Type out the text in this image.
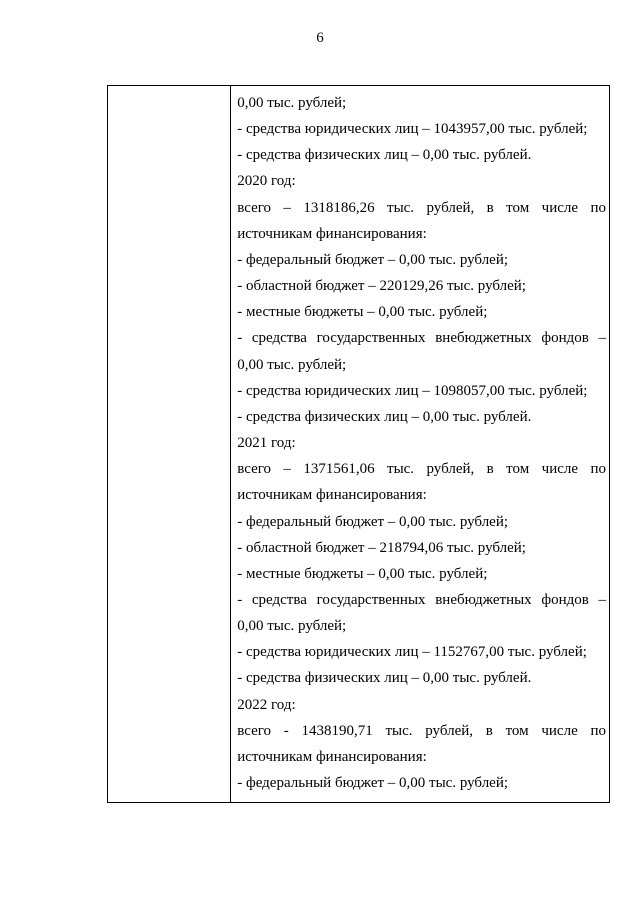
6

0,00 тыс. рублей;
- средства юридических лиц – 1043957,00 тыс. рублей;
- средства физических лиц – 0,00 тыс. рублей.
2020 год:
всего – 1318186,26 тыс. рублей, в том числе по
источникам финансирования:
- федеральный бюджет – 0,00 тыс. рублей;
- областной бюджет – 220129,26 тыс. рублей;
- местные бюджеты – 0,00 тыс. рублей;
- средства государственных внебюджетных фондов –
0,00 тыс. рублей;
- средства юридических лиц – 1098057,00 тыс. рублей;
- средства физических лиц – 0,00 тыс. рублей.
2021 год:
всего – 1371561,06 тыс. рублей, в том числе по
источникам финансирования:
- федеральный бюджет – 0,00 тыс. рублей;
- областной бюджет – 218794,06 тыс. рублей;
- местные бюджеты – 0,00 тыс. рублей;
- средства государственных внебюджетных фондов –
0,00 тыс. рублей;
- средства юридических лиц – 1152767,00 тыс. рублей;
- средства физических лиц – 0,00 тыс. рублей.
2022 год:
всего - 1438190,71 тыс. рублей, в том числе по
источникам финансирования:
- федеральный бюджет – 0,00 тыс. рублей;
